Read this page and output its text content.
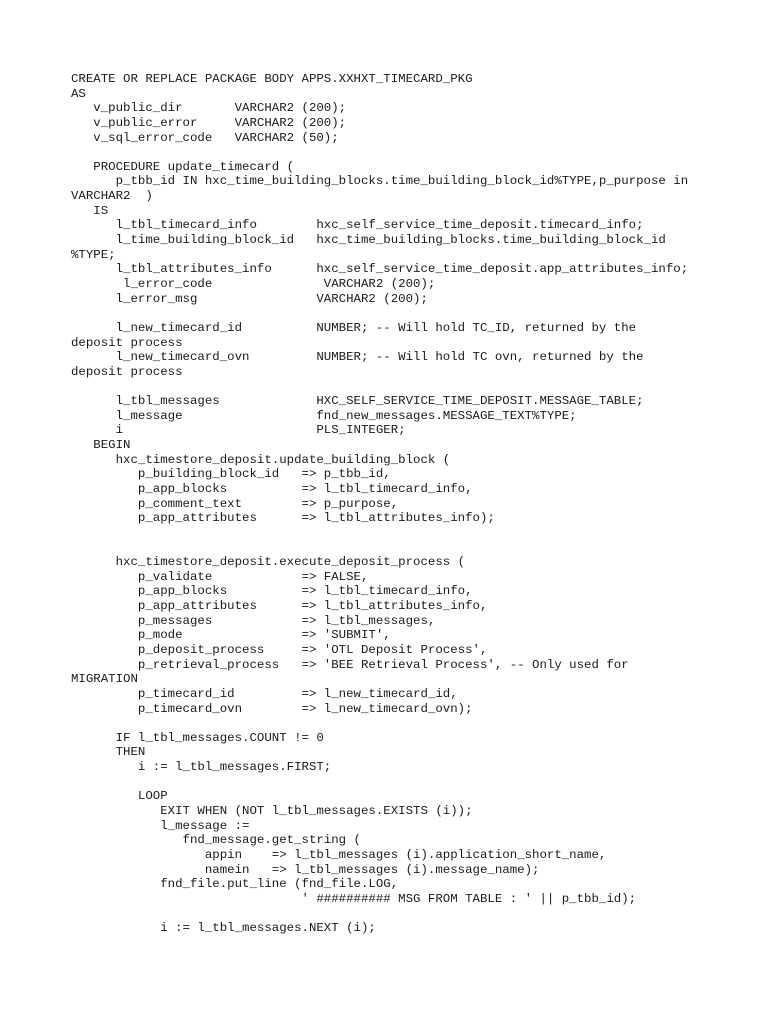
CREATE OR REPLACE PACKAGE BODY APPS.XXHXT_TIMECARD_PKG
AS
v_public_dir       VARCHAR2 (200);
v_public_error     VARCHAR2 (200);
v_sql_error_code   VARCHAR2 (50);
PROCEDURE update_timecard (
p_tbb_id IN hxc_time_building_blocks.time_building_block_id%TYPE,p_purpose in
VARCHAR2  )
IS
l_tbl_timecard_info        hxc_self_service_time_deposit.timecard_info;
l_time_building_block_id   hxc_time_building_blocks.time_building_block_id
%TYPE;
l_tbl_attributes_info      hxc_self_service_time_deposit.app_attributes_info;
l_error_code               VARCHAR2 (200);
l_error_msg                VARCHAR2 (200);
l_new_timecard_id          NUMBER; -- Will hold TC_ID, returned by the
deposit process
l_new_timecard_ovn         NUMBER; -- Will hold TC ovn, returned by the
deposit process
l_tbl_messages             HXC_SELF_SERVICE_TIME_DEPOSIT.MESSAGE_TABLE;
l_message                  fnd_new_messages.MESSAGE_TEXT%TYPE;
i                          PLS_INTEGER;
BEGIN
hxc_timestore_deposit.update_building_block (
p_building_block_id   => p_tbb_id,
p_app_blocks          => l_tbl_timecard_info,
p_comment_text        => p_purpose,
p_app_attributes      => l_tbl_attributes_info);
hxc_timestore_deposit.execute_deposit_process (
p_validate            => FALSE,
p_app_blocks          => l_tbl_timecard_info,
p_app_attributes      => l_tbl_attributes_info,
p_messages            => l_tbl_messages,
p_mode                => 'SUBMIT',
p_deposit_process     => 'OTL Deposit Process',
p_retrieval_process   => 'BEE Retrieval Process', -- Only used for
MIGRATION
p_timecard_id         => l_new_timecard_id,
p_timecard_ovn        => l_new_timecard_ovn);
IF l_tbl_messages.COUNT != 0
THEN
i := l_tbl_messages.FIRST;
LOOP
EXIT WHEN (NOT l_tbl_messages.EXISTS (i));
l_message :=
fnd_message.get_string (
appin    => l_tbl_messages (i).application_short_name,
namein   => l_tbl_messages (i).message_name);
fnd_file.put_line (fnd_file.LOG,
' ########## MSG FROM TABLE : ' || p_tbb_id);
i := l_tbl_messages.NEXT (i);
